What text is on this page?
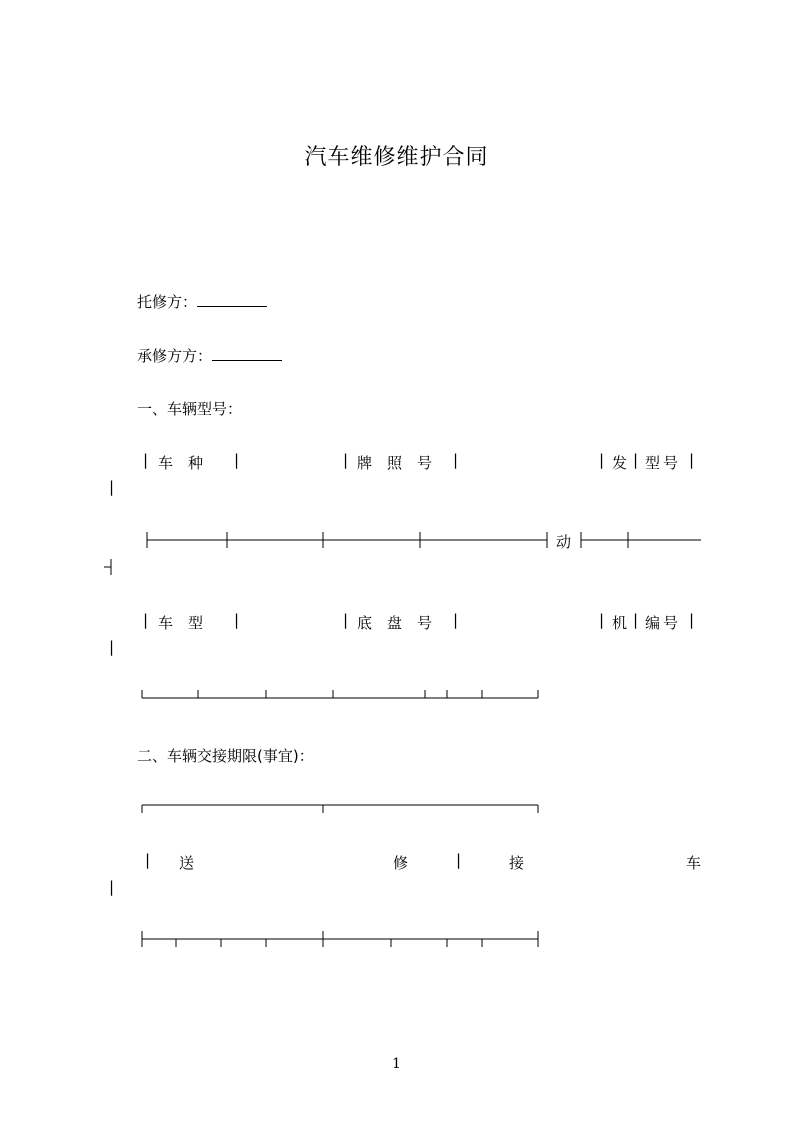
汽车维修维护合同
托修方：
承修方方：
一、车辆型号：
| 车　种 |	| 牌　照　号 |	| 发 | 型号 |
|
动
| 车　型 |	| 底　盘　号 |	| 机 | 编号 |
|
二、车辆交接期限(事宜)：
| 送	修	|	接	车
|
1
